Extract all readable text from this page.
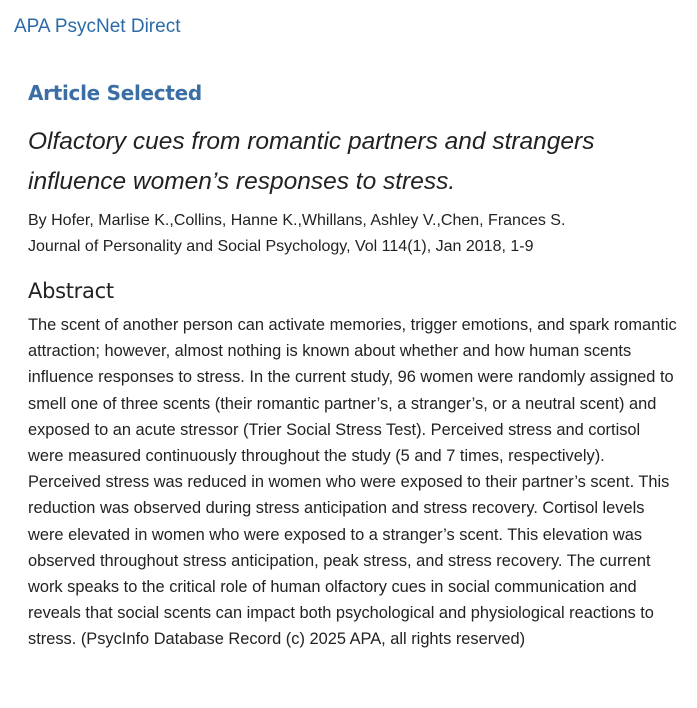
APA PsycNet Direct
Article Selected
Olfactory cues from romantic partners and strangers influence women’s responses to stress.
By Hofer, Marlise K.,Collins, Hanne K.,Whillans, Ashley V.,Chen, Frances S.
Journal of Personality and Social Psychology, Vol 114(1), Jan 2018, 1-9
Abstract

The scent of another person can activate memories, trigger emotions, and spark romantic attraction; however, almost nothing is known about whether and how human scents influence responses to stress. In the current study, 96 women were randomly assigned to smell one of three scents (their romantic partner’s, a stranger’s, or a neutral scent) and exposed to an acute stressor (Trier Social Stress Test). Perceived stress and cortisol were measured continuously throughout the study (5 and 7 times, respectively). Perceived stress was reduced in women who were exposed to their partner’s scent. This reduction was observed during stress anticipation and stress recovery. Cortisol levels were elevated in women who were exposed to a stranger’s scent. This elevation was observed throughout stress anticipation, peak stress, and stress recovery. The current work speaks to the critical role of human olfactory cues in social communication and reveals that social scents can impact both psychological and physiological reactions to stress. (PsycInfo Database Record (c) 2025 APA, all rights reserved)
